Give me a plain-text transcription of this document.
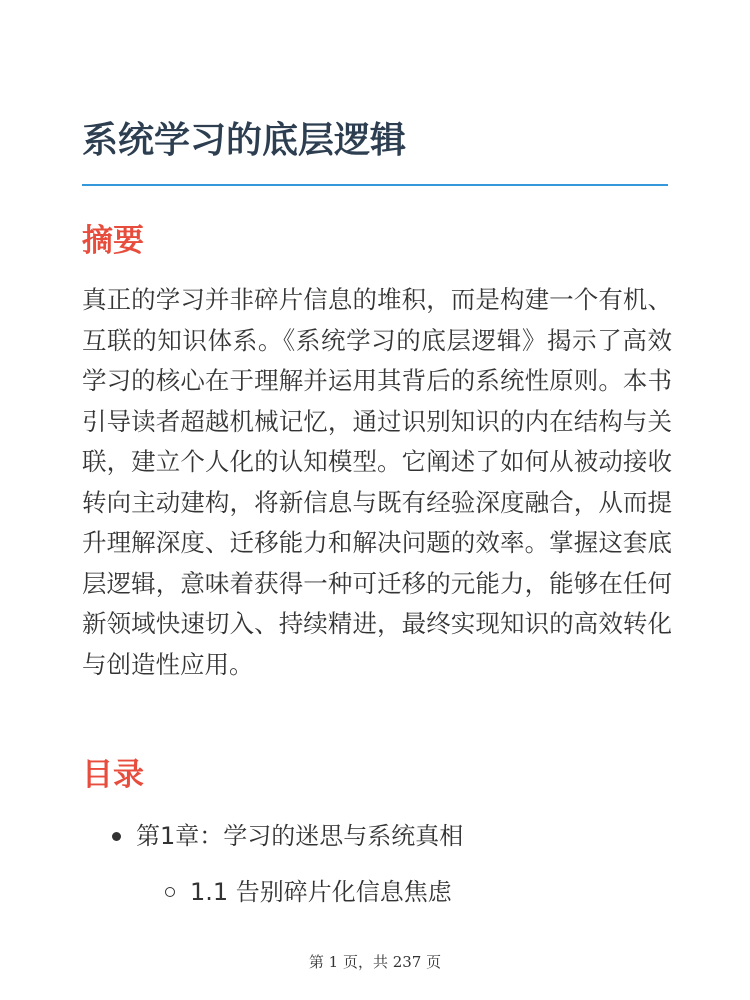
系统学习的底层逻辑
摘要

真正的学习并非碎片信息的堆积，而是构建一个有机、互联的知识体系。《系统学习的底层逻辑》揭示了高效学习的核心在于理解并运用其背后的系统性原则。本书引导读者超越机械记忆，通过识别知识的内在结构与关联，建立个人化的认知模型。它阐述了如何从被动接收转向主动建构，将新信息与既有经验深度融合，从而提升理解深度、迁移能力和解决问题的效率。掌握这套底层逻辑，意味着获得一种可迁移的元能力，能够在任何新领域快速切入、持续精进，最终实现知识的高效转化与创造性应用。

目录
第1章：学习的迷思与系统真相
1.1 告别碎片化信息焦虑
第 1 页，共 237 页
